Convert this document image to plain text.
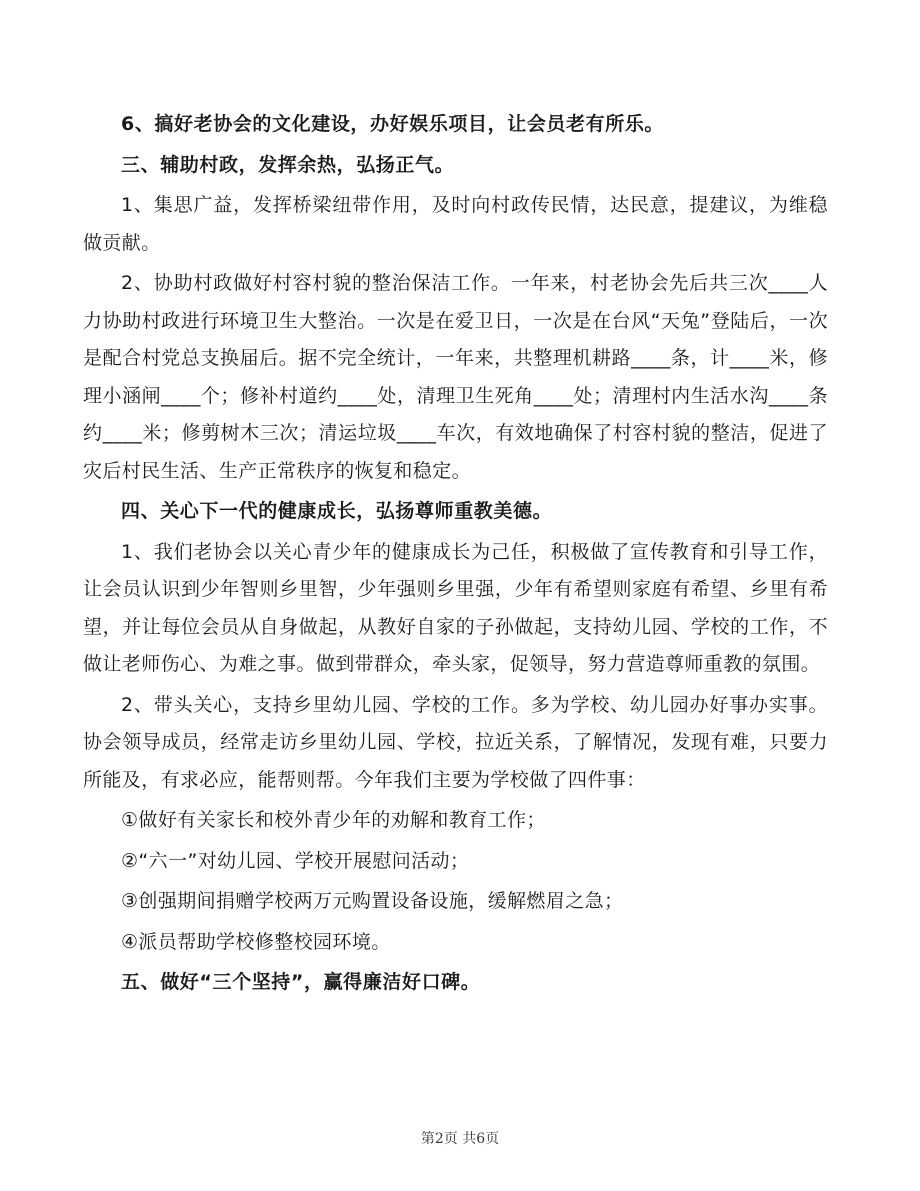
6、搞好老协会的文化建设，办好娱乐项目，让会员老有所乐。

三、辅助村政，发挥余热，弘扬正气。

1、集思广益，发挥桥梁纽带作用，及时向村政传民情，达民意，提建议，为维稳做贡献。

2、协助村政做好村容村貌的整治保洁工作。一年来，村老协会先后共三次____人力协助村政进行环境卫生大整治。一次是在爱卫日，一次是在台风“天兔”登陆后，一次是配合村党总支换届后。据不完全统计，一年来，共整理机耕路____条，计____米，修理小涵闸____个；修补村道约____处，清理卫生死角____处；清理村内生活水沟____条约____米；修剪树木三次；清运垃圾____车次，有效地确保了村容村貌的整洁，促进了灾后村民生活、生产正常秩序的恢复和稳定。

四、关心下一代的健康成长，弘扬尊师重教美德。

1、我们老协会以关心青少年的健康成长为己任，积极做了宣传教育和引导工作，让会员认识到少年智则乡里智，少年强则乡里强，少年有希望则家庭有希望、乡里有希望，并让每位会员从自身做起，从教好自家的子孙做起，支持幼儿园、学校的工作，不做让老师伤心、为难之事。做到带群众，牵头家，促领导，努力营造尊师重教的氛围。

2、带头关心，支持乡里幼儿园、学校的工作。多为学校、幼儿园办好事办实事。协会领导成员，经常走访乡里幼儿园、学校，拉近关系，了解情况，发现有难，只要力所能及，有求必应，能帮则帮。今年我们主要为学校做了四件事：

①做好有关家长和校外青少年的劝解和教育工作；

②“六一”对幼儿园、学校开展慰问活动；

③创强期间捐赠学校两万元购置设备设施，缓解燃眉之急；

④派员帮助学校修整校园环境。

五、做好“三个坚持”，赢得廉洁好口碑。

第2页 共6页
